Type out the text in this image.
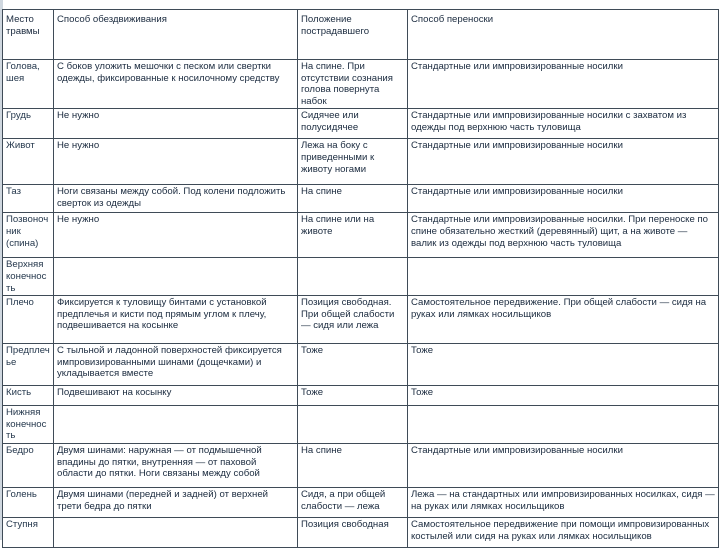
Место травмы	Способ обездвиживания	Положение пострадавшего	Способ переноски
Голова, шея	С боков уложить мешочки с песком или свертки одежды, фиксированные к носилочному средству	На спине. При отсутствии сознания голова повернута набок	Стандартные или импровизированные носилки
Грудь	Не нужно	Сидячее или полусидячее	Стандартные или импровизированные носилки с захватом из одежды под верхнюю часть туловища
Живот	Не нужно	Лежа на боку с приведенными к животу ногами	Стандартные или импровизированные носилки
Таз	Ноги связаны между собой. Под колени подложить сверток из одежды	На спине	Стандартные или импровизированные носилки
Позвоночник (спина)	Не нужно	На спине или на животе	Стандартные или импровизированные носилки. При переноске по спине обязательно жесткий (деревянный) щит, а на животе — валик из одежды под верхнюю часть туловища
Верхняя конечность			
Плечо	Фиксируется к туловищу бинтами с установкой предплечья и кисти под прямым углом к плечу, подвешивается на косынке	Позиция свободная. При общей слабости — сидя или лежа	Самостоятельное передвижение. При общей слабости — сидя на руках или лямках носильщиков
Предплечье	С тыльной и ладонной поверхностей фиксируется импровизированными шинами (дощечками) и укладывается вместе	Тоже	Тоже
Кисть	Подвешивают на косынку	Тоже	Тоже
Нижняя конечность			
Бедро	Двумя шинами: наружная — от подмышечной впадины до пятки, внутренняя — от паховой области до пятки. Ноги связаны между собой	На спине	Стандартные или импровизированные носилки
Голень	Двумя шинами (передней и задней) от верхней трети бедра до пятки	Сидя, а при общей слабости — лежа	Лежа — на стандартных или импровизированных носилках, сидя — на руках или лямках носильщиков
Ступня		Позиция свободная	Самостоятельное передвижение при помощи импровизированных костылей или сидя на руках или лямках носильщиков
